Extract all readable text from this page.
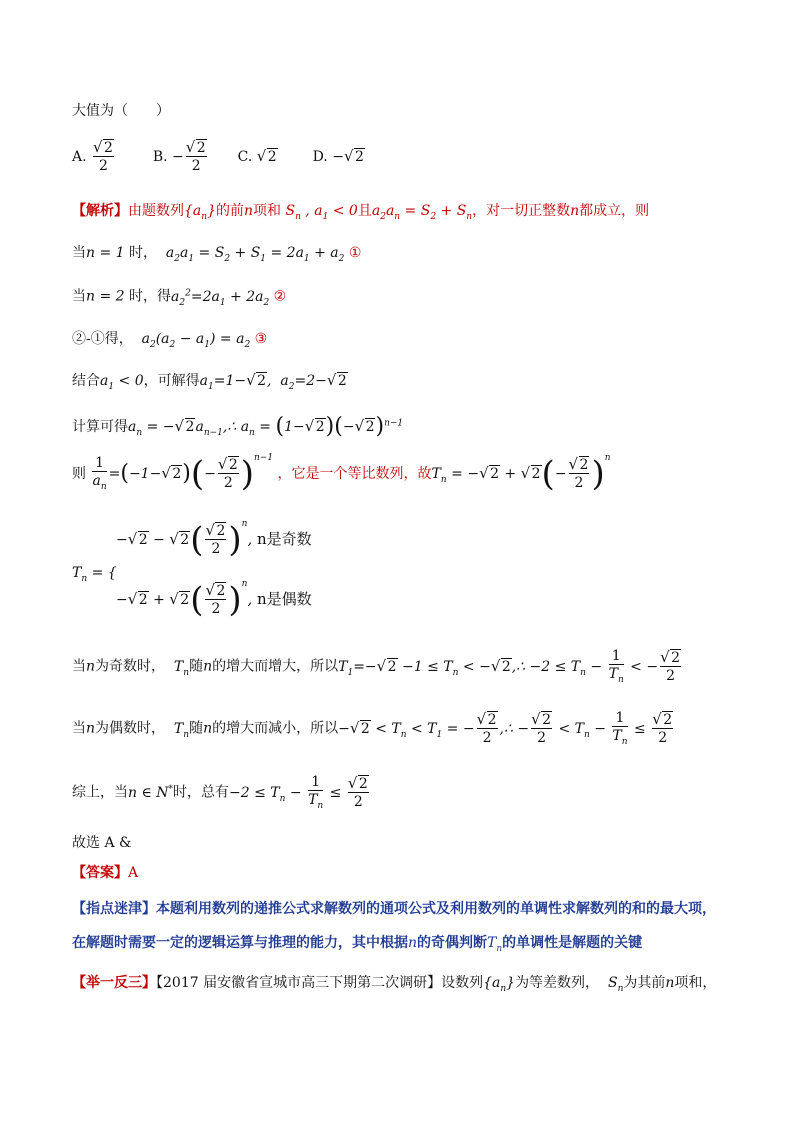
大值为（　　）
A.
√ $\frac{2}{2}$	B. −
√ $\frac{2}{2} C$. √ 2	D. −√ 2
【解析】由题数列$\{a_n\}$的前n项和 $S_n$ , $a_1 < 0$且$a_2a_n = S_2 + S_n$，对一切正整数n都成立，则
当n = 1 时，  $a_2a_1 = S_2 + S_1 = 2a_1 + a_2$ ①
当n = 2 时，得$a_2^2=2a_1 + 2a_2$ ②
②-①得，  $a_2(a_2 - a_1) = a_2$ ③
结合$a_1 < 0$，可解得$a_1=1-√$ 2,  $a_2=2-√$ 2
计算可得$a_n$ = −√ $2a_{n-1},\therefore$ $a_n = (1-√$ 2)(−√ 2)$^{n-1}$
则 $\frac{1}{a_n} =(-1-√$ 2)(−
√ $\frac{2}{2} )^{n-1}$ ，它是一个等比数列，故$T_n$ = −√ 2 + √ 2(−
√ $\frac{2}{2} )^n$
−√ 2 − √ 2(
√ $\frac{2}{2} )^n$, n是奇数
$T_n$ = {
−√ 2 + √ 2(
√ $\frac{2}{2} )^n$, n是偶数
当n为奇数时，  $T_n$随n的增大而增大，所以$T_1=-√$ $2 -1 \le T_n$ < −√ 2,∴ $-2 \le T_n - \frac{1}{T_n}$ < −
√ $\frac{2}{2}$
当n为偶数时，  $T_n$随n的增大而减小，所以−√ $2 < T_n < T_1$ = −
√ $\frac{2}{2}$ ,∴ −
√ $\frac{2}{2} < T_n - \frac{1}{T_n}$ ≤
√ $\frac{2}{2}$
综上，当n ∈ N*时，总有$-2 \le T_n - \frac{1}{T_n}$ ≤
√ $\frac{2}{2}$
故选 A &
【答案】A
【指点迷津】本题利用数列的递推公式求解数列的通项公式及利用数列的单调性求解数列的和的最大项，
在解题时需要一定的逻辑运算与推理的能力，其中根据n的奇偶判断$T_n$的单调性是解题的关键
【举一反三】【2017 届安徽省宣城市高三下期第二次调研】设数列$\{a_n\}$为等差数列，  $S_n$为其前n项和，
